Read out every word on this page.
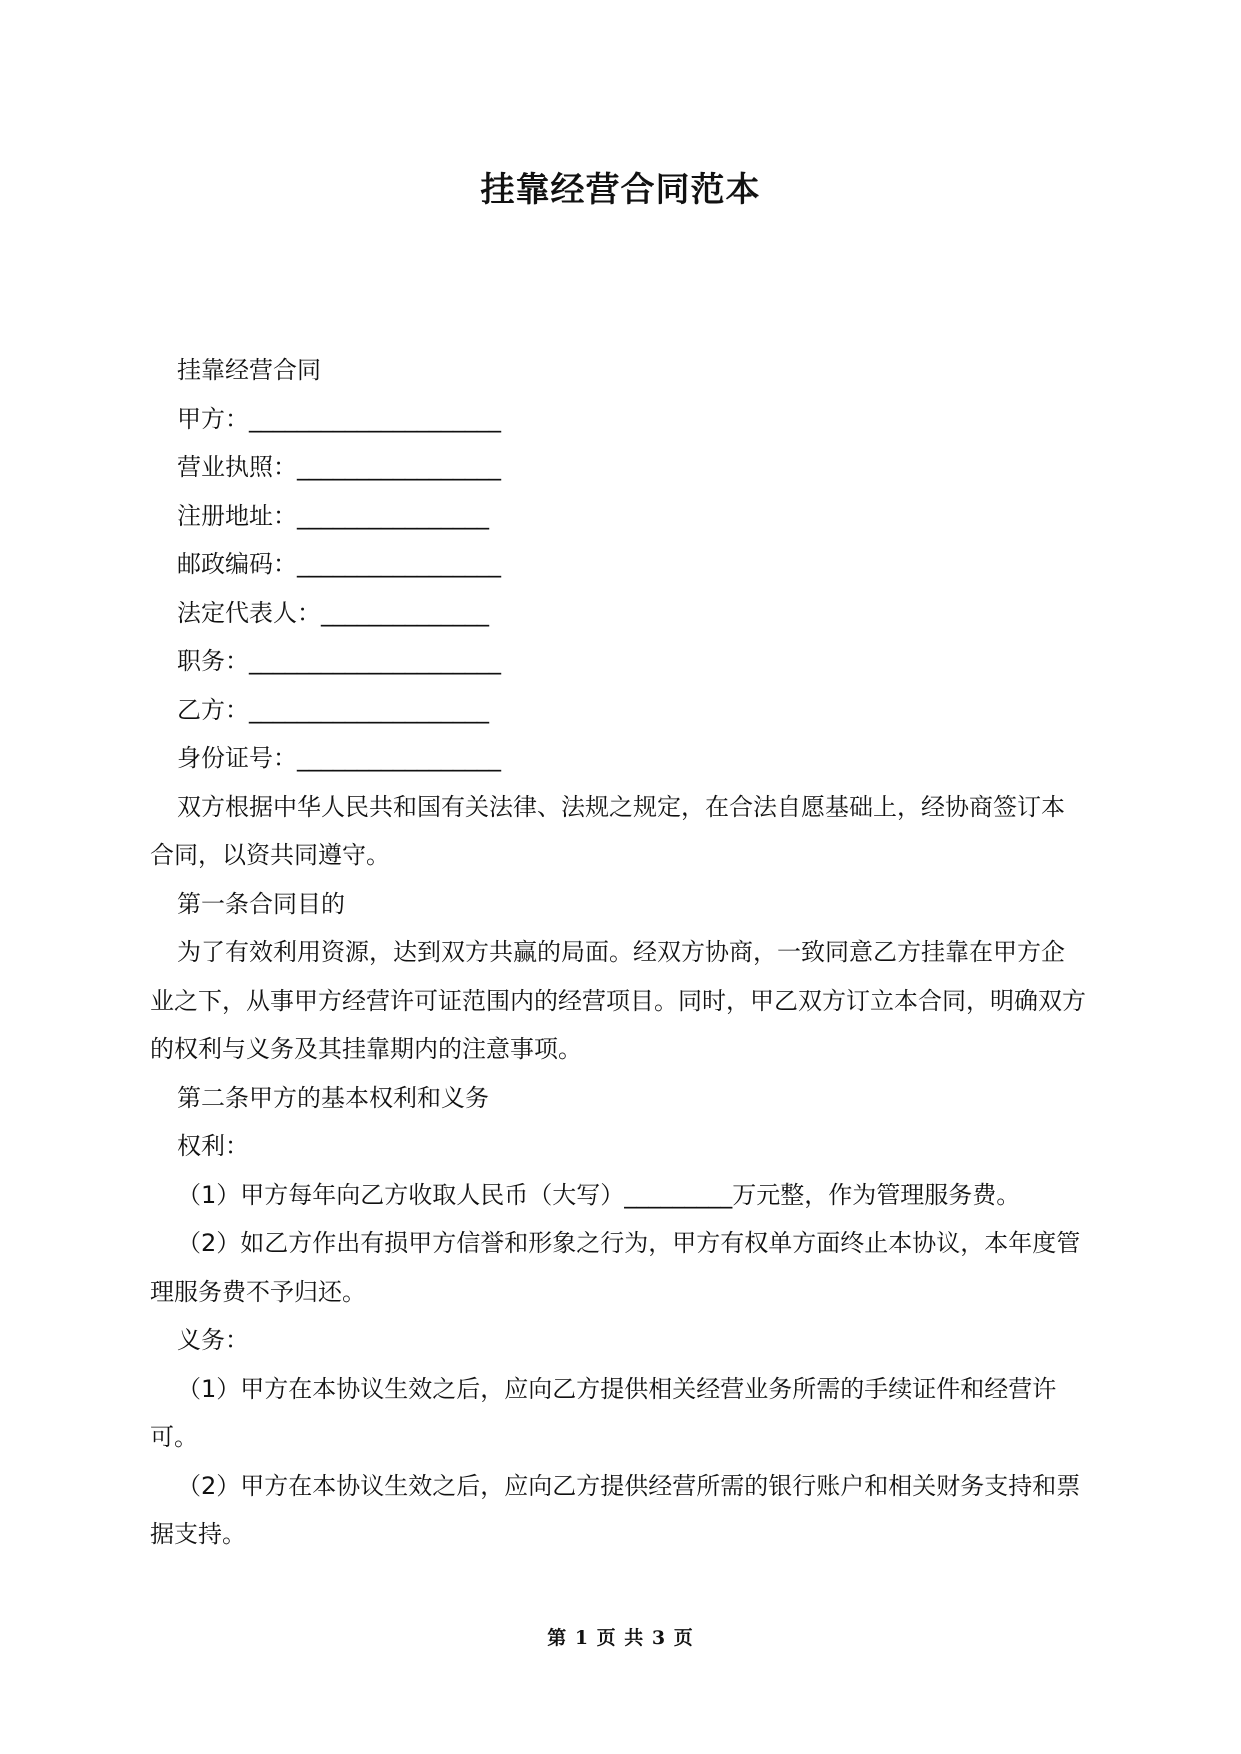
挂靠经营合同范本

挂靠经营合同

甲方：_____________________

营业执照：_________________

注册地址：________________

邮政编码：_________________

法定代表人：______________

职务：_____________________

乙方：____________________

身份证号：_________________

双方根据中华人民共和国有关法律、法规之规定，在合法自愿基础上，经协商签订本合同，以资共同遵守。

第一条合同目的

为了有效利用资源，达到双方共赢的局面。经双方协商，一致同意乙方挂靠在甲方企业之下，从事甲方经营许可证范围内的经营项目。同时，甲乙双方订立本合同，明确双方的权利与义务及其挂靠期内的注意事项。

第二条甲方的基本权利和义务

权利：

（1）甲方每年向乙方收取人民币（大写）_________万元整，作为管理服务费。

（2）如乙方作出有损甲方信誉和形象之行为，甲方有权单方面终止本协议，本年度管理服务费不予归还。

义务：

（1）甲方在本协议生效之后，应向乙方提供相关经营业务所需的手续证件和经营许可。

（2）甲方在本协议生效之后，应向乙方提供经营所需的银行账户和相关财务支持和票据支持。

第 1 页 共 3 页
